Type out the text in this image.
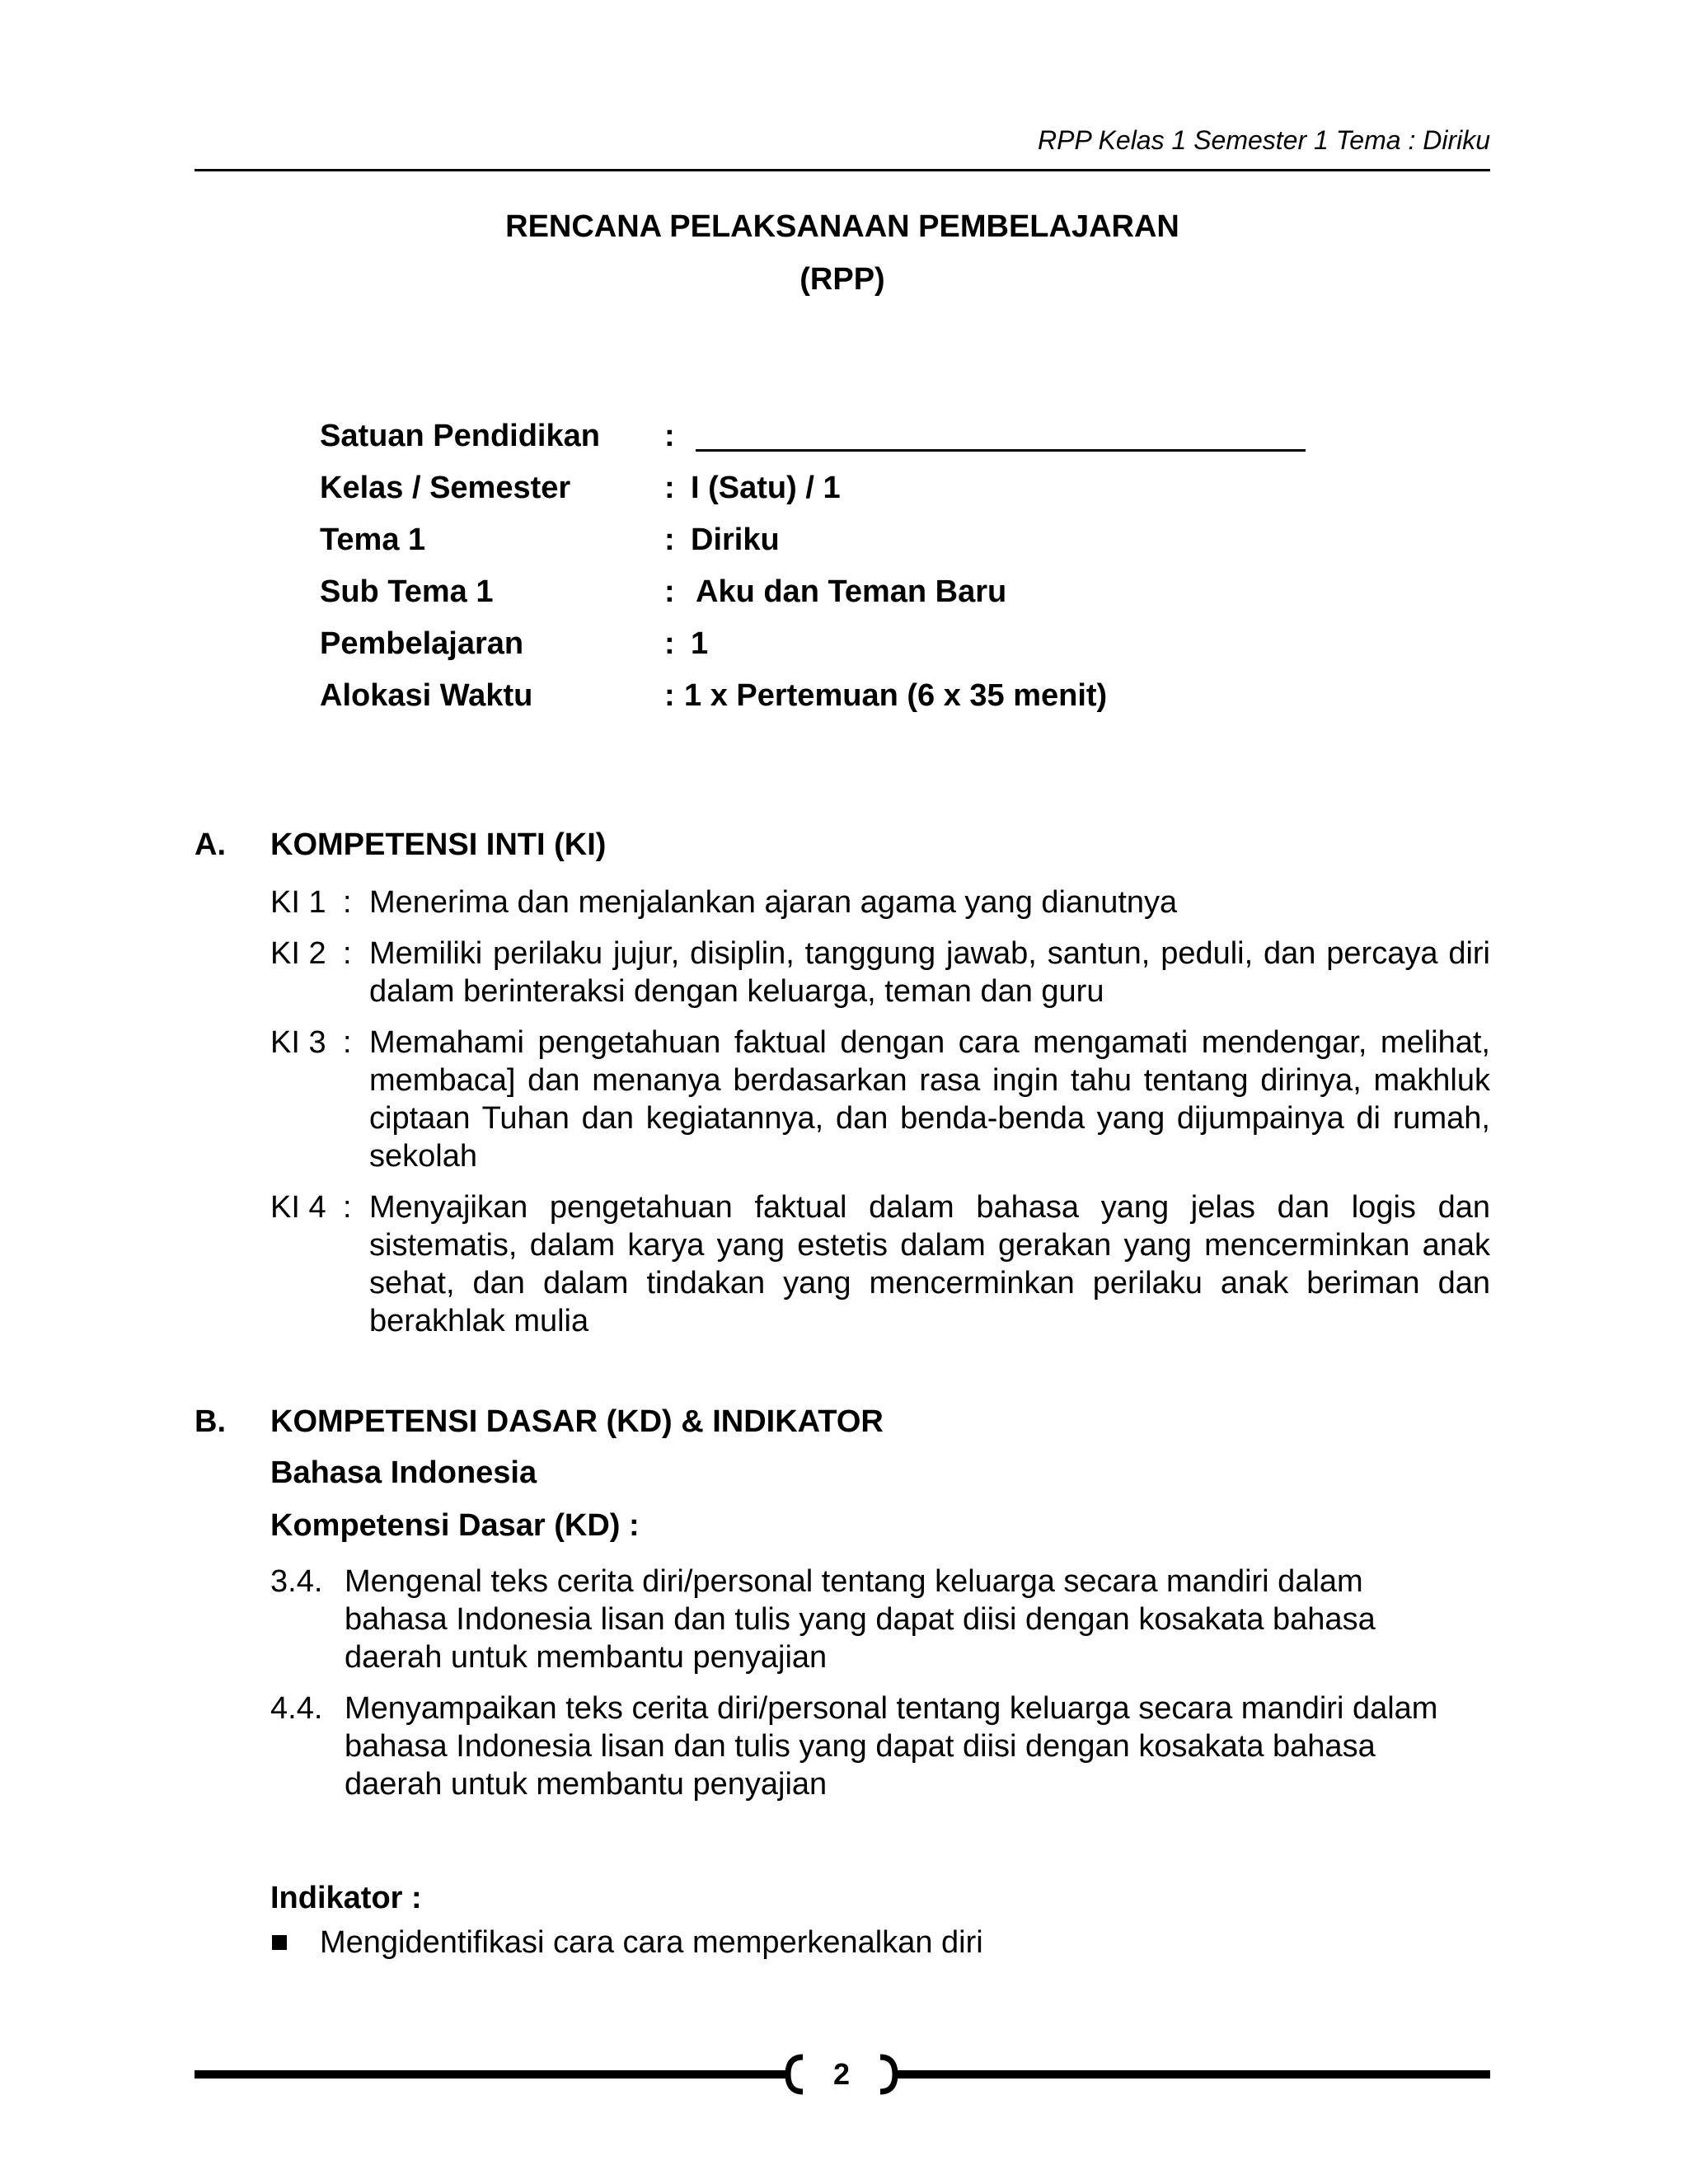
RPP Kelas 1 Semester 1 Tema : Diriku
RENCANA PELAKSANAAN PEMBELAJARAN
(RPP)
Satuan Pendidikan :
Kelas / Semester	: I (Satu) / 1
Tema 1	: Diriku
Sub Tema 1	: Aku dan Teman Baru
Pembelajaran	: 1
Alokasi Waktu	: 1 x Pertemuan (6 x 35 menit)
A. KOMPETENSI INTI (KI)
KI 1 : Menerima dan menjalankan ajaran agama yang dianutnya
KI 2 : Memiliki perilaku jujur, disiplin, tanggung jawab, santun, peduli, dan percaya diri dalam berinteraksi dengan keluarga, teman dan guru
KI 3 : Memahami pengetahuan faktual dengan cara mengamati mendengar, melihat, membaca] dan menanya berdasarkan rasa ingin tahu tentang dirinya, makhluk ciptaan Tuhan dan kegiatannya, dan benda-benda yang dijumpainya di rumah, sekolah
KI 4 : Menyajikan pengetahuan faktual dalam bahasa yang jelas dan logis dan sistematis, dalam karya yang estetis dalam gerakan yang mencerminkan anak sehat, dan dalam tindakan yang mencerminkan perilaku anak beriman dan berakhlak mulia
B. KOMPETENSI DASAR (KD) & INDIKATOR
Bahasa Indonesia
Kompetensi Dasar (KD) :
3.4. Mengenal teks cerita diri/personal tentang keluarga secara mandiri dalam bahasa Indonesia lisan dan tulis yang dapat diisi dengan kosakata bahasa daerah untuk membantu penyajian
4.4. Menyampaikan teks cerita diri/personal tentang keluarga secara mandiri dalam bahasa Indonesia lisan dan tulis yang dapat diisi dengan kosakata bahasa daerah untuk membantu penyajian
Indikator :
Mengidentifikasi cara cara memperkenalkan diri
2
